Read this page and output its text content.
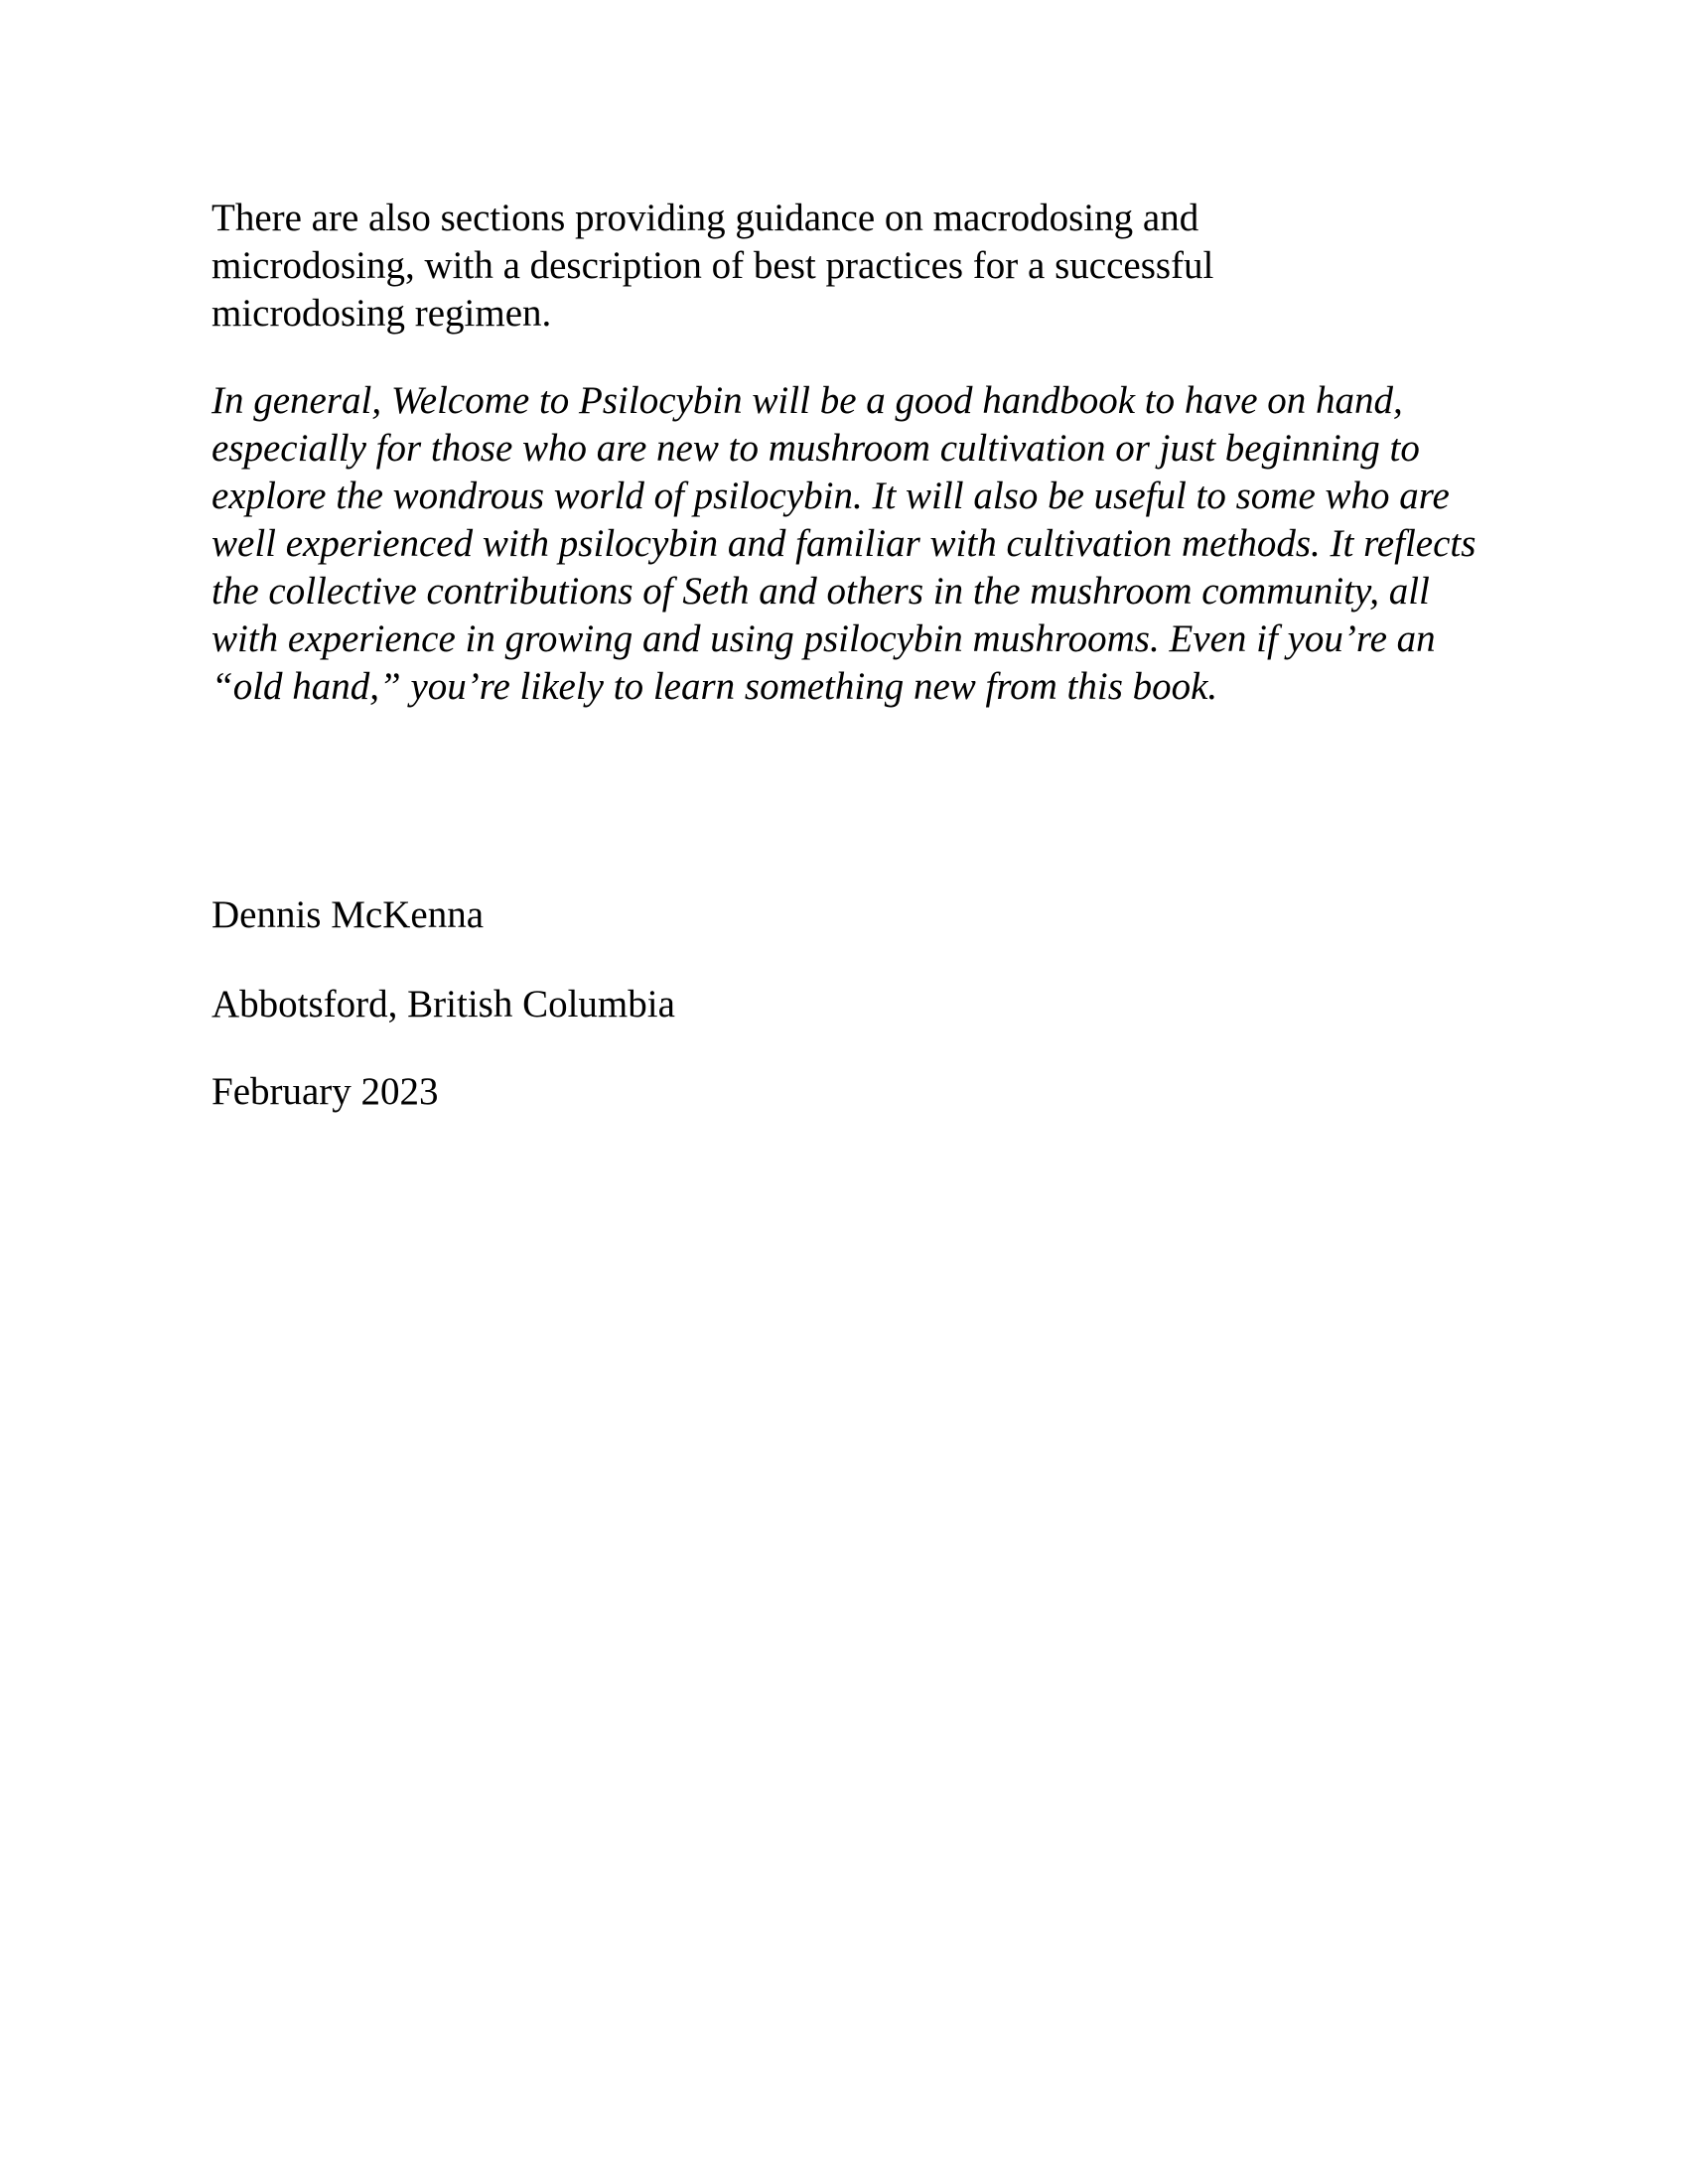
There are also sections providing guidance on macrodosing and microdosing, with a description of best practices for a successful microdosing regimen.

In general, Welcome to Psilocybin will be a good handbook to have on hand, especially for those who are new to mushroom cultivation or just beginning to explore the wondrous world of psilocybin. It will also be useful to some who are well experienced with psilocybin and familiar with cultivation methods. It reflects the collective contributions of Seth and others in the mushroom community, all with experience in growing and using psilocybin mushrooms. Even if you’re an “old hand,” you’re likely to learn something new from this book.

Dennis McKenna

Abbotsford, British Columbia

February 2023
